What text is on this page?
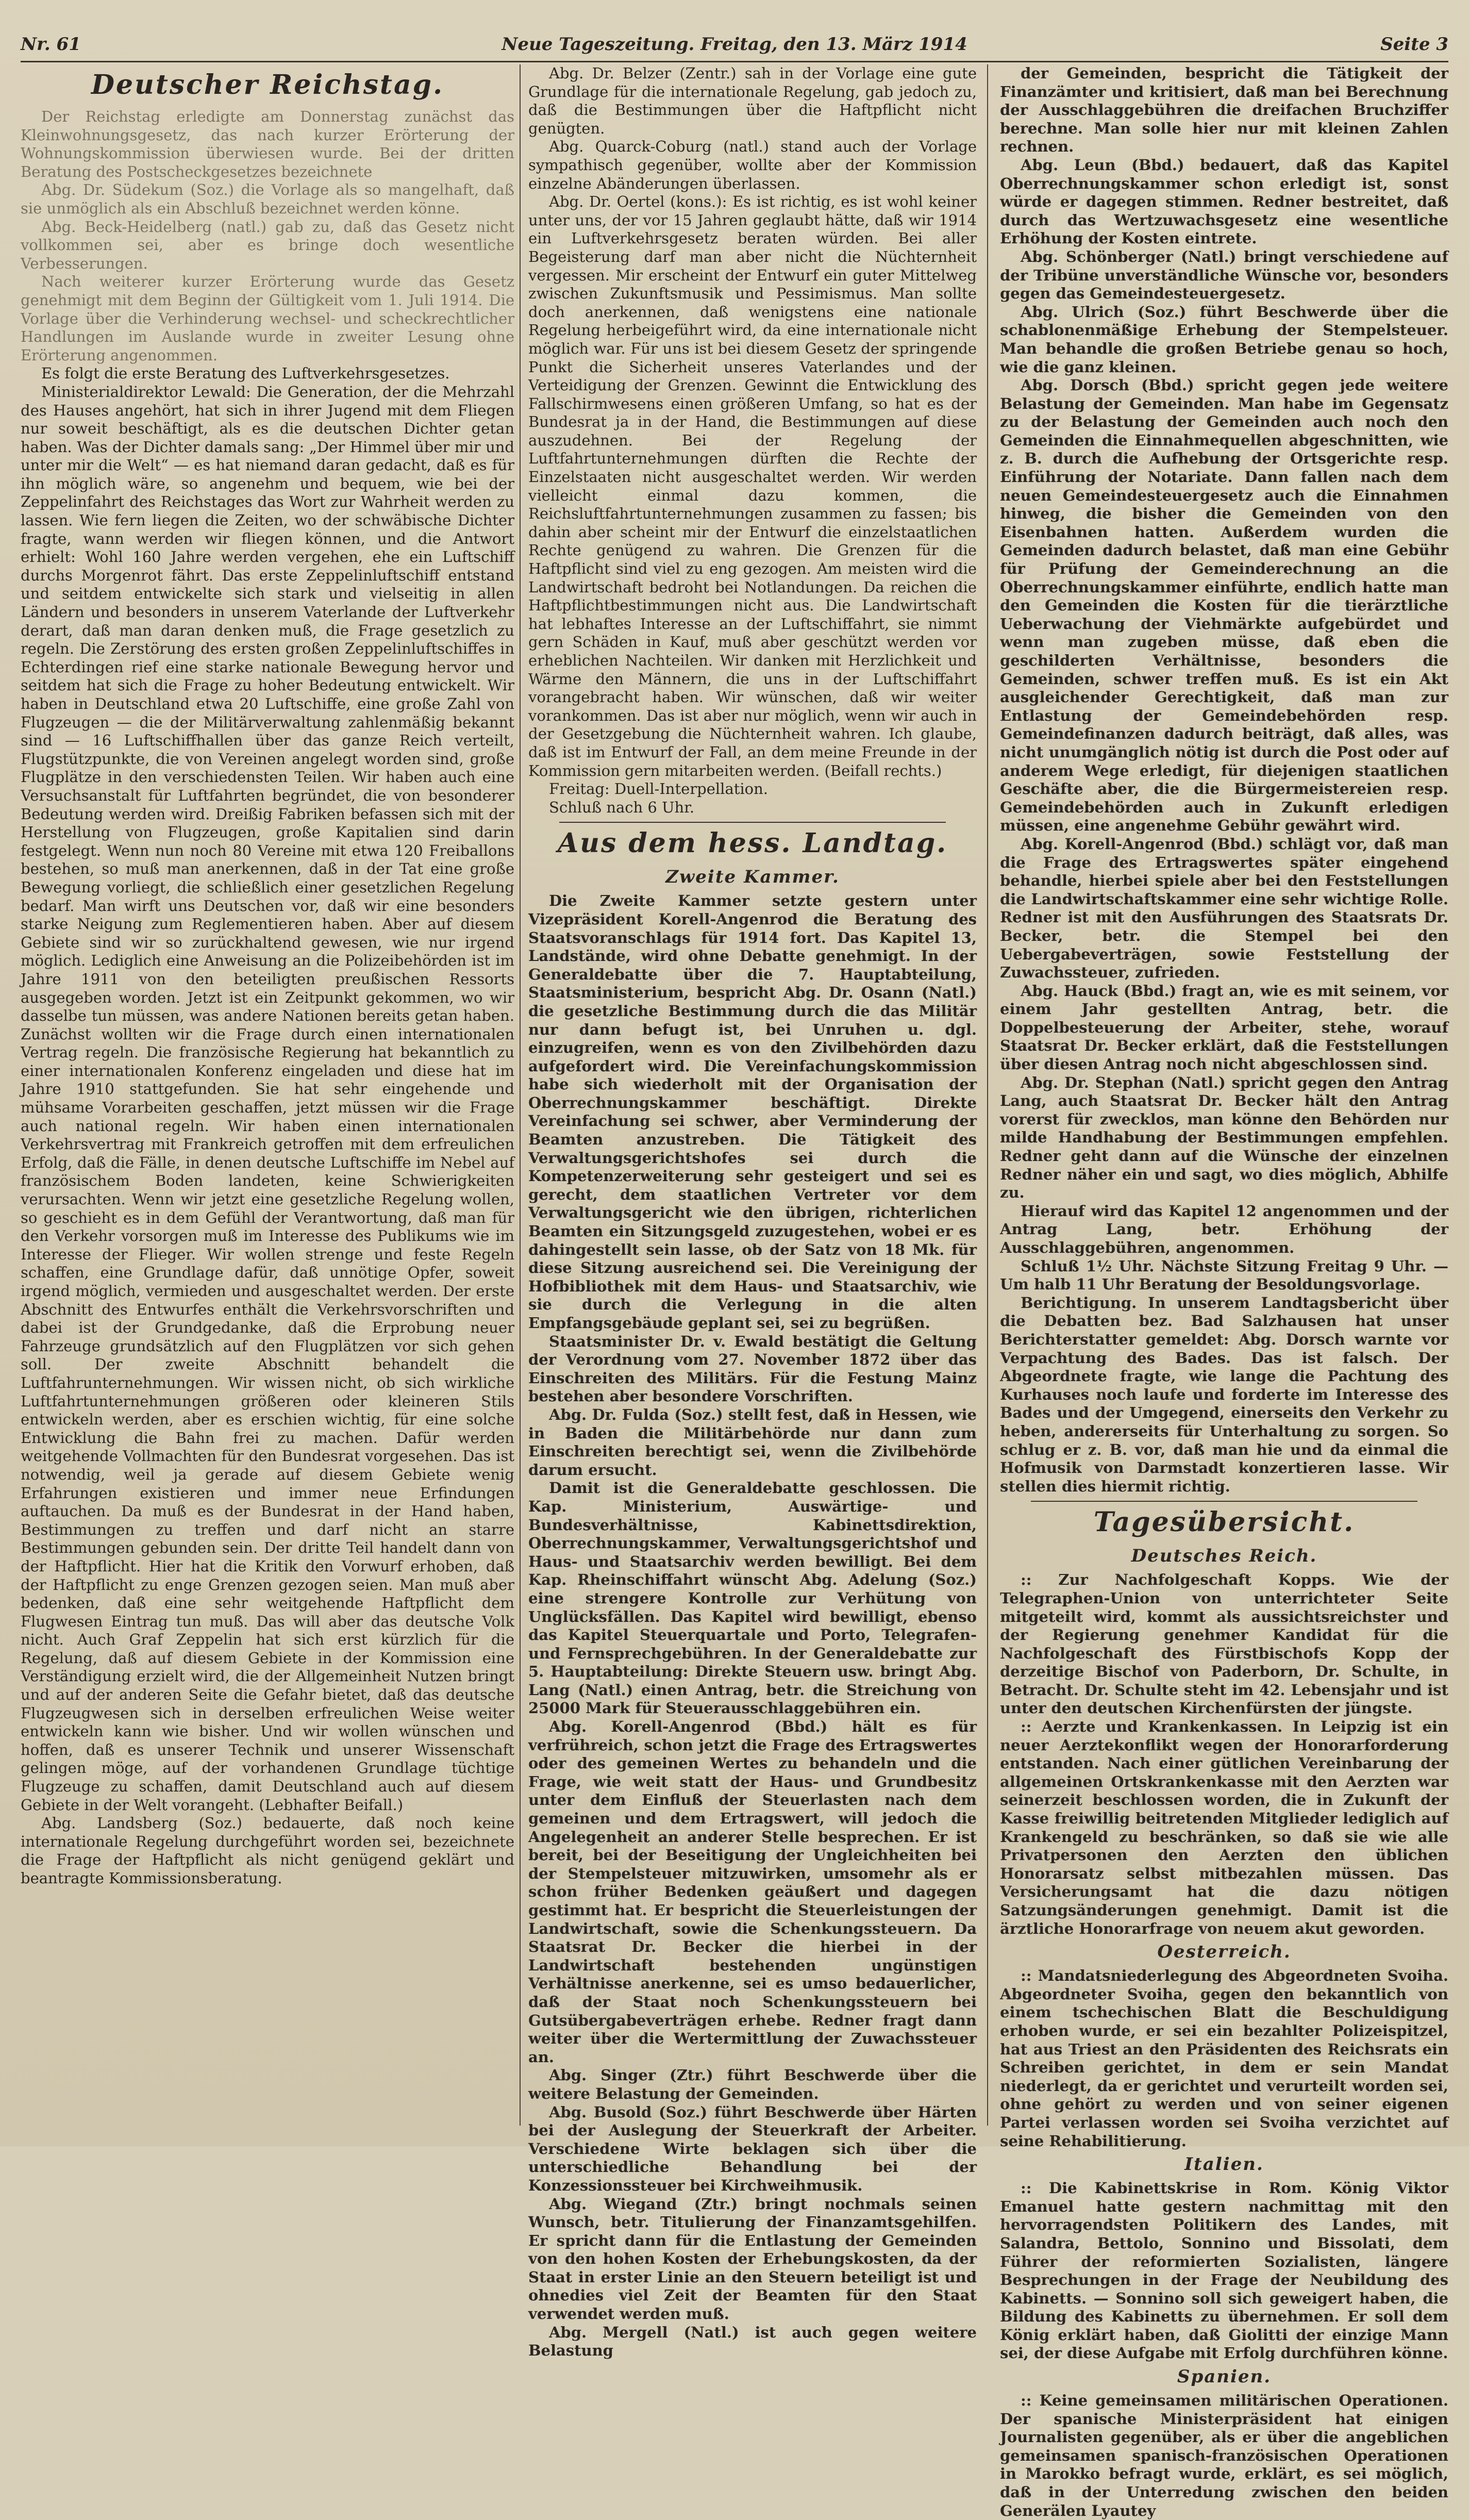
Nr. 61	Neue Tageszeitung. Freitag, den 13. März 1914	Seite 3
Deutscher Reichstag.

Der Reichstag erledigte am Donnerstag zunächst das Kleinwohnungsgesetz, das nach kurzer Erörterung der Wohnungskommission überwiesen wurde. Bei der dritten Beratung des Postscheckgesetzes bezeichnete

Abg. Dr. Südekum (Soz.) die Vorlage als so mangelhaft, daß sie unmöglich als ein Abschluß bezeichnet werden könne.

Abg. Beck-Heidelberg (natl.) gab zu, daß das Gesetz nicht vollkommen sei, aber es bringe doch wesentliche Verbesserungen.

Nach weiterer kurzer Erörterung wurde das Gesetz genehmigt mit dem Beginn der Gültigkeit vom 1. Juli 1914. Die Vorlage über die Verhinderung wechsel- und scheckrechtlicher Handlungen im Auslande wurde in zweiter Lesung ohne Erörterung angenommen.

Es folgt die erste Beratung des Luftverkehrsgesetzes.

Ministerialdirektor Lewald: Die Generation, der die Mehrzahl des Hauses angehört, hat sich in ihrer Jugend mit dem Fliegen nur soweit beschäftigt, als es die deutschen Dichter getan haben. Was der Dichter damals sang: „Der Himmel über mir und unter mir die Welt“ — es hat niemand daran gedacht, daß es für ihn möglich wäre, so angenehm und bequem, wie bei der Zeppelinfahrt des Reichstages das Wort zur Wahrheit werden zu lassen. Wie fern liegen die Zeiten, wo der schwäbische Dichter fragte, wann werden wir fliegen können, und die Antwort erhielt: Wohl 160 Jahre werden vergehen, ehe ein Luftschiff durchs Morgenrot fährt. Das erste Zeppelinluftschiff entstand und seitdem entwickelte sich stark und vielseitig in allen Ländern und besonders in unserem Vaterlande der Luftverkehr derart, daß man daran denken muß, die Frage gesetzlich zu regeln. Die Zerstörung des ersten großen Zeppelinluftschiffes in Echterdingen rief eine starke nationale Bewegung hervor und seitdem hat sich die Frage zu hoher Bedeutung entwickelt. Wir haben in Deutschland etwa 20 Luftschiffe, eine große Zahl von Flugzeugen — die der Militärverwaltung zahlenmäßig bekannt sind — 16 Luftschiffhallen über das ganze Reich verteilt, Flugstützpunkte, die von Vereinen angelegt worden sind, große Flugplätze in den verschiedensten Teilen. Wir haben auch eine Versuchsanstalt für Luftfahrten begründet, die von besonderer Bedeutung werden wird. Dreißig Fabriken befassen sich mit der Herstellung von Flugzeugen, große Kapitalien sind darin festgelegt. Wenn nun noch 80 Vereine mit etwa 120 Freiballons bestehen, so muß man anerkennen, daß in der Tat eine große Bewegung vorliegt, die schließlich einer gesetzlichen Regelung bedarf. Man wirft uns Deutschen vor, daß wir eine besonders starke Neigung zum Reglementieren haben. Aber auf diesem Gebiete sind wir so zurückhaltend gewesen, wie nur irgend möglich. Lediglich eine Anweisung an die Polizeibehörden ist im Jahre 1911 von den beteiligten preußischen Ressorts ausgegeben worden. Jetzt ist ein Zeitpunkt gekommen, wo wir dasselbe tun müssen, was andere Nationen bereits getan haben. Zunächst wollten wir die Frage durch einen internationalen Vertrag regeln. Die französische Regierung hat bekanntlich zu einer internationalen Konferenz eingeladen und diese hat im Jahre 1910 stattgefunden. Sie hat sehr eingehende und mühsame Vorarbeiten geschaffen, jetzt müssen wir die Frage auch national regeln. Wir haben einen internationalen Verkehrsvertrag mit Frankreich getroffen mit dem erfreulichen Erfolg, daß die Fälle, in denen deutsche Luftschiffe im Nebel auf französischem Boden landeten, keine Schwierigkeiten verursachten. Wenn wir jetzt eine gesetzliche Regelung wollen, so geschieht es in dem Gefühl der Verantwortung, daß man für den Verkehr vorsorgen muß im Interesse des Publikums wie im Interesse der Flieger. Wir wollen strenge und feste Regeln schaffen, eine Grundlage dafür, daß unnötige Opfer, soweit irgend möglich, vermieden und ausgeschaltet werden. Der erste Abschnitt des Entwurfes enthält die Verkehrsvorschriften und dabei ist der Grundgedanke, daß die Erprobung neuer Fahrzeuge grundsätzlich auf den Flugplätzen vor sich gehen soll. Der zweite Abschnitt behandelt die Luftfahrunternehmungen. Wir wissen nicht, ob sich wirkliche Luftfahrtunternehmungen größeren oder kleineren Stils entwickeln werden, aber es erschien wichtig, für eine solche Entwicklung die Bahn frei zu machen. Dafür werden weitgehende Vollmachten für den Bundesrat vorgesehen. Das ist notwendig, weil ja gerade auf diesem Gebiete wenig Erfahrungen existieren und immer neue Erfindungen auftauchen. Da muß es der Bundesrat in der Hand haben, Bestimmungen zu treffen und darf nicht an starre Bestimmungen gebunden sein. Der dritte Teil handelt dann von der Haftpflicht. Hier hat die Kritik den Vorwurf erhoben, daß der Haftpflicht zu enge Grenzen gezogen seien. Man muß aber bedenken, daß eine sehr weitgehende Haftpflicht dem Flugwesen Eintrag tun muß. Das will aber das deutsche Volk nicht. Auch Graf Zeppelin hat sich erst kürzlich für die Regelung, daß auf diesem Gebiete in der Kommission eine Verständigung erzielt wird, die der Allgemeinheit Nutzen bringt und auf der anderen Seite die Gefahr bietet, daß das deutsche Flugzeugwesen sich in derselben erfreulichen Weise weiter entwickeln kann wie bisher. Und wir wollen wünschen und hoffen, daß es unserer Technik und unserer Wissenschaft gelingen möge, auf der vorhandenen Grundlage tüchtige Flugzeuge zu schaffen, damit Deutschland auch auf diesem Gebiete in der Welt vorangeht. (Lebhafter Beifall.)

Abg. Landsberg (Soz.) bedauerte, daß noch keine internationale Regelung durchgeführt worden sei, bezeichnete die Frage der Haftpflicht als nicht genügend geklärt und beantragte Kommissionsberatung.

Abg. Dr. Belzer (Zentr.) sah in der Vorlage eine gute Grundlage für die internationale Regelung, gab jedoch zu, daß die Bestimmungen über die Haftpflicht nicht genügten.

Abg. Quarck-Coburg (natl.) stand auch der Vorlage sympathisch gegenüber, wollte aber der Kommission einzelne Abänderungen überlassen.

Abg. Dr. Oertel (kons.): Es ist richtig, es ist wohl keiner unter uns, der vor 15 Jahren geglaubt hätte, daß wir 1914 ein Luftverkehrsgesetz beraten würden. Bei aller Begeisterung darf man aber nicht die Nüchternheit vergessen. Mir erscheint der Entwurf ein guter Mittelweg zwischen Zukunftsmusik und Pessimismus. Man sollte doch anerkennen, daß wenigstens eine nationale Regelung herbeigeführt wird, da eine internationale nicht möglich war. Für uns ist bei diesem Gesetz der springende Punkt die Sicherheit unseres Vaterlandes und der Verteidigung der Grenzen. Gewinnt die Entwicklung des Fallschirmwesens einen größeren Umfang, so hat es der Bundesrat ja in der Hand, die Bestimmungen auf diese auszudehnen. Bei der Regelung der Luftfahrtunternehmungen dürften die Rechte der Einzelstaaten nicht ausgeschaltet werden. Wir werden vielleicht einmal dazu kommen, die Reichsluftfahrtunternehmungen zusammen zu fassen; bis dahin aber scheint mir der Entwurf die einzelstaatlichen Rechte genügend zu wahren. Die Grenzen für die Haftpflicht sind viel zu eng gezogen. Am meisten wird die Landwirtschaft bedroht bei Notlandungen. Da reichen die Haftpflichtbestimmungen nicht aus. Die Landwirtschaft hat lebhaftes Interesse an der Luftschiffahrt, sie nimmt gern Schäden in Kauf, muß aber geschützt werden vor erheblichen Nachteilen. Wir danken mit Herzlichkeit und Wärme den Männern, die uns in der Luftschiffahrt vorangebracht haben. Wir wünschen, daß wir weiter vorankommen. Das ist aber nur möglich, wenn wir auch in der Gesetzgebung die Nüchternheit wahren. Ich glaube, daß ist im Entwurf der Fall, an dem meine Freunde in der Kommission gern mitarbeiten werden. (Beifall rechts.)

Freitag: Duell-Interpellation.

Schluß nach 6 Uhr.

Aus dem hess. Landtag.
Zweite Kammer.

Die Zweite Kammer setzte gestern unter Vizepräsident Korell-Angenrod die Beratung des Staatsvoranschlags für 1914 fort. Das Kapitel 13, Landstände, wird ohne Debatte genehmigt. In der Generaldebatte über die 7. Hauptabteilung, Staatsministerium, bespricht Abg. Dr. Osann (Natl.) die gesetzliche Bestimmung durch die das Militär nur dann befugt ist, bei Unruhen u. dgl. einzugreifen, wenn es von den Zivilbehörden dazu aufgefordert wird. Die Vereinfachungskommission habe sich wiederholt mit der Organisation der Oberrechnungskammer beschäftigt. Direkte Vereinfachung sei schwer, aber Verminderung der Beamten anzustreben. Die Tätigkeit des Verwaltungsgerichtshofes sei durch die Kompetenzerweiterung sehr gesteigert und sei es gerecht, dem staatlichen Vertreter vor dem Verwaltungsgericht wie den übrigen, richterlichen Beamten ein Sitzungsgeld zuzugestehen, wobei er es dahingestellt sein lasse, ob der Satz von 18 Mk. für diese Sitzung ausreichend sei. Die Vereinigung der Hofbibliothek mit dem Haus- und Staatsarchiv, wie sie durch die Verlegung in die alten Empfangsgebäude geplant sei, sei zu begrüßen.

Staatsminister Dr. v. Ewald bestätigt die Geltung der Verordnung vom 27. November 1872 über das Einschreiten des Militärs. Für die Festung Mainz bestehen aber besondere Vorschriften.

Abg. Dr. Fulda (Soz.) stellt fest, daß in Hessen, wie in Baden die Militärbehörde nur dann zum Einschreiten berechtigt sei, wenn die Zivilbehörde darum ersucht.

Damit ist die Generaldebatte geschlossen. Die Kap. Ministerium, Auswärtige- und Bundesverhältnisse, Kabinettsdirektion, Oberrechnungskammer, Verwaltungsgerichtshof und Haus- und Staatsarchiv werden bewilligt. Bei dem Kap. Rheinschiffahrt wünscht Abg. Adelung (Soz.) eine strengere Kontrolle zur Verhütung von Unglücksfällen. Das Kapitel wird bewilligt, ebenso das Kapitel Steuerquartale und Porto, Telegrafen- und Fernsprechgebühren. In der Generaldebatte zur 5. Hauptabteilung: Direkte Steuern usw. bringt Abg. Lang (Natl.) einen Antrag, betr. die Streichung von 25000 Mark für Steuerausschlaggebühren ein.

Abg. Korell-Angenrod (Bbd.) hält es für verfrühreich, schon jetzt die Frage des Ertragswertes oder des gemeinen Wertes zu behandeln und die Frage, wie weit statt der Haus- und Grundbesitz unter dem Einfluß der Steuerlasten nach dem gemeinen und dem Ertragswert, will jedoch die Angelegenheit an anderer Stelle besprechen. Er ist bereit, bei der Beseitigung der Ungleichheiten bei der Stempelsteuer mitzuwirken, umsomehr als er schon früher Bedenken geäußert und dagegen gestimmt hat. Er bespricht die Steuerleistungen der Landwirtschaft, sowie die Schenkungssteuern. Da Staatsrat Dr. Becker die hierbei in der Landwirtschaft bestehenden ungünstigen Verhältnisse anerkenne, sei es umso bedauerlicher, daß der Staat noch Schenkungssteuern bei Gutsübergabeverträgen erhebe. Redner fragt dann weiter über die Wertermittlung der Zuwachssteuer an.

Abg. Singer (Ztr.) führt Beschwerde über die weitere Belastung der Gemeinden.

Abg. Busold (Soz.) führt Beschwerde über Härten bei der Auslegung der Steuerkraft der Arbeiter. Verschiedene Wirte beklagen sich über die unterschiedliche Behandlung bei der Konzessionssteuer bei Kirchweihmusik.

Abg. Wiegand (Ztr.) bringt nochmals seinen Wunsch, betr. Titulierung der Finanzamtsgehilfen. Er spricht dann für die Entlastung der Gemeinden von den hohen Kosten der Erhebungskosten, da der Staat in erster Linie an den Steuern beteiligt ist und ohnedies viel Zeit der Beamten für den Staat verwendet werden muß.

Abg. Mergell (Natl.) ist auch gegen weitere Belastung

der Gemeinden, bespricht die Tätigkeit der Finanzämter und kritisiert, daß man bei Berechnung der Ausschlaggebühren die dreifachen Bruchziffer berechne. Man solle hier nur mit kleinen Zahlen rechnen.

Abg. Leun (Bbd.) bedauert, daß das Kapitel Oberrechnungskammer schon erledigt ist, sonst würde er dagegen stimmen. Redner bestreitet, daß durch das Wertzuwachsgesetz eine wesentliche Erhöhung der Kosten eintrete.

Abg. Schönberger (Natl.) bringt verschiedene auf der Tribüne unverständliche Wünsche vor, besonders gegen das Gemeindesteuergesetz.

Abg. Ulrich (Soz.) führt Beschwerde über die schablonenmäßige Erhebung der Stempelsteuer. Man behandle die großen Betriebe genau so hoch, wie die ganz kleinen.

Abg. Dorsch (Bbd.) spricht gegen jede weitere Belastung der Gemeinden. Man habe im Gegensatz zu der Belastung der Gemeinden auch noch den Gemeinden die Einnahmequellen abgeschnitten, wie z. B. durch die Aufhebung der Ortsgerichte resp. Einführung der Notariate. Dann fallen nach dem neuen Gemeindesteuergesetz auch die Einnahmen hinweg, die bisher die Gemeinden von den Eisenbahnen hatten. Außerdem wurden die Gemeinden dadurch belastet, daß man eine Gebühr für Prüfung der Gemeinderechnung an die Oberrechnungskammer einführte, endlich hatte man den Gemeinden die Kosten für die tierärztliche Ueberwachung der Viehmärkte aufgebürdet und wenn man zugeben müsse, daß eben die geschilderten Verhältnisse, besonders die Gemeinden, schwer treffen muß. Es ist ein Akt ausgleichender Gerechtigkeit, daß man zur Entlastung der Gemeindebehörden resp. Gemeindefinanzen dadurch beiträgt, daß alles, was nicht unumgänglich nötig ist durch die Post oder auf anderem Wege erledigt, für diejenigen staatlichen Geschäfte aber, die die Bürgermeistereien resp. Gemeindebehörden auch in Zukunft erledigen müssen, eine angenehme Gebühr gewährt wird.

Abg. Korell-Angenrod (Bbd.) schlägt vor, daß man die Frage des Ertragswertes später eingehend behandle, hierbei spiele aber bei den Feststellungen die Landwirtschaftskammer eine sehr wichtige Rolle. Redner ist mit den Ausführungen des Staatsrats Dr. Becker, betr. die Stempel bei den Uebergabeverträgen, sowie Feststellung der Zuwachssteuer, zufrieden.

Abg. Hauck (Bbd.) fragt an, wie es mit seinem, vor einem Jahr gestellten Antrag, betr. die Doppelbesteuerung der Arbeiter, stehe, worauf Staatsrat Dr. Becker erklärt, daß die Feststellungen über diesen Antrag noch nicht abgeschlossen sind.

Abg. Dr. Stephan (Natl.) spricht gegen den Antrag Lang, auch Staatsrat Dr. Becker hält den Antrag vorerst für zwecklos, man könne den Behörden nur milde Handhabung der Bestimmungen empfehlen. Redner geht dann auf die Wünsche der einzelnen Redner näher ein und sagt, wo dies möglich, Abhilfe zu.

Hierauf wird das Kapitel 12 angenommen und der Antrag Lang, betr. Erhöhung der Ausschlaggebühren, angenommen.

Schluß 1½ Uhr. Nächste Sitzung Freitag 9 Uhr. — Um halb 11 Uhr Beratung der Besoldungsvorlage.

Berichtigung. In unserem Landtagsbericht über die Debatten bez. Bad Salzhausen hat unser Berichterstatter gemeldet: Abg. Dorsch warnte vor Verpachtung des Bades. Das ist falsch. Der Abgeordnete fragte, wie lange die Pachtung des Kurhauses noch laufe und forderte im Interesse des Bades und der Umgegend, einerseits den Verkehr zu heben, andererseits für Unterhaltung zu sorgen. So schlug er z. B. vor, daß man hie und da einmal die Hofmusik von Darmstadt konzertieren lasse. Wir stellen dies hiermit richtig.

Tagesübersicht.
Deutsches Reich.

:: Zur Nachfolgeschaft Kopps. Wie der Telegraphen-Union von unterrichteter Seite mitgeteilt wird, kommt als aussichtsreichster und der Regierung genehmer Kandidat für die Nachfolgeschaft des Fürstbischofs Kopp der derzeitige Bischof von Paderborn, Dr. Schulte, in Betracht. Dr. Schulte steht im 42. Lebensjahr und ist unter den deutschen Kirchenfürsten der jüngste.

:: Aerzte und Krankenkassen. In Leipzig ist ein neuer Aerztekonflikt wegen der Honorarforderung entstanden. Nach einer gütlichen Vereinbarung der allgemeinen Ortskrankenkasse mit den Aerzten war seinerzeit beschlossen worden, die in Zukunft der Kasse freiwillig beitretenden Mitglieder lediglich auf Krankengeld zu beschränken, so daß sie wie alle Privatpersonen den Aerzten den üblichen Honorarsatz selbst mitbezahlen müssen. Das Versicherungsamt hat die dazu nötigen Satzungsänderungen genehmigt. Damit ist die ärztliche Honorarfrage von neuem akut geworden.

Oesterreich.

:: Mandatsniederlegung des Abgeordneten Svoiha. Abgeordneter Svoiha, gegen den bekanntlich von einem tschechischen Blatt die Beschuldigung erhoben wurde, er sei ein bezahlter Polizeispitzel, hat aus Triest an den Präsidenten des Reichsrats ein Schreiben gerichtet, in dem er sein Mandat niederlegt, da er gerichtet und verurteilt worden sei, ohne gehört zu werden und von seiner eigenen Partei verlassen worden sei Svoiha verzichtet auf seine Rehabilitierung.

Italien.

:: Die Kabinettskrise in Rom. König Viktor Emanuel hatte gestern nachmittag mit den hervorragendsten Politikern des Landes, mit Salandra, Bettolo, Sonnino und Bissolati, dem Führer der reformierten Sozialisten, längere Besprechungen in der Frage der Neubildung des Kabinetts. — Sonnino soll sich geweigert haben, die Bildung des Kabinetts zu übernehmen. Er soll dem König erklärt haben, daß Giolitti der einzige Mann sei, der diese Aufgabe mit Erfolg durchführen könne.

Spanien.

:: Keine gemeinsamen militärischen Operationen. Der spanische Ministerpräsident hat einigen Journalisten gegenüber, als er über die angeblichen gemeinsamen spanisch-französischen Operationen in Marokko befragt wurde, erklärt, es sei möglich, daß in der Unterredung zwischen den beiden Generälen Lyautey
